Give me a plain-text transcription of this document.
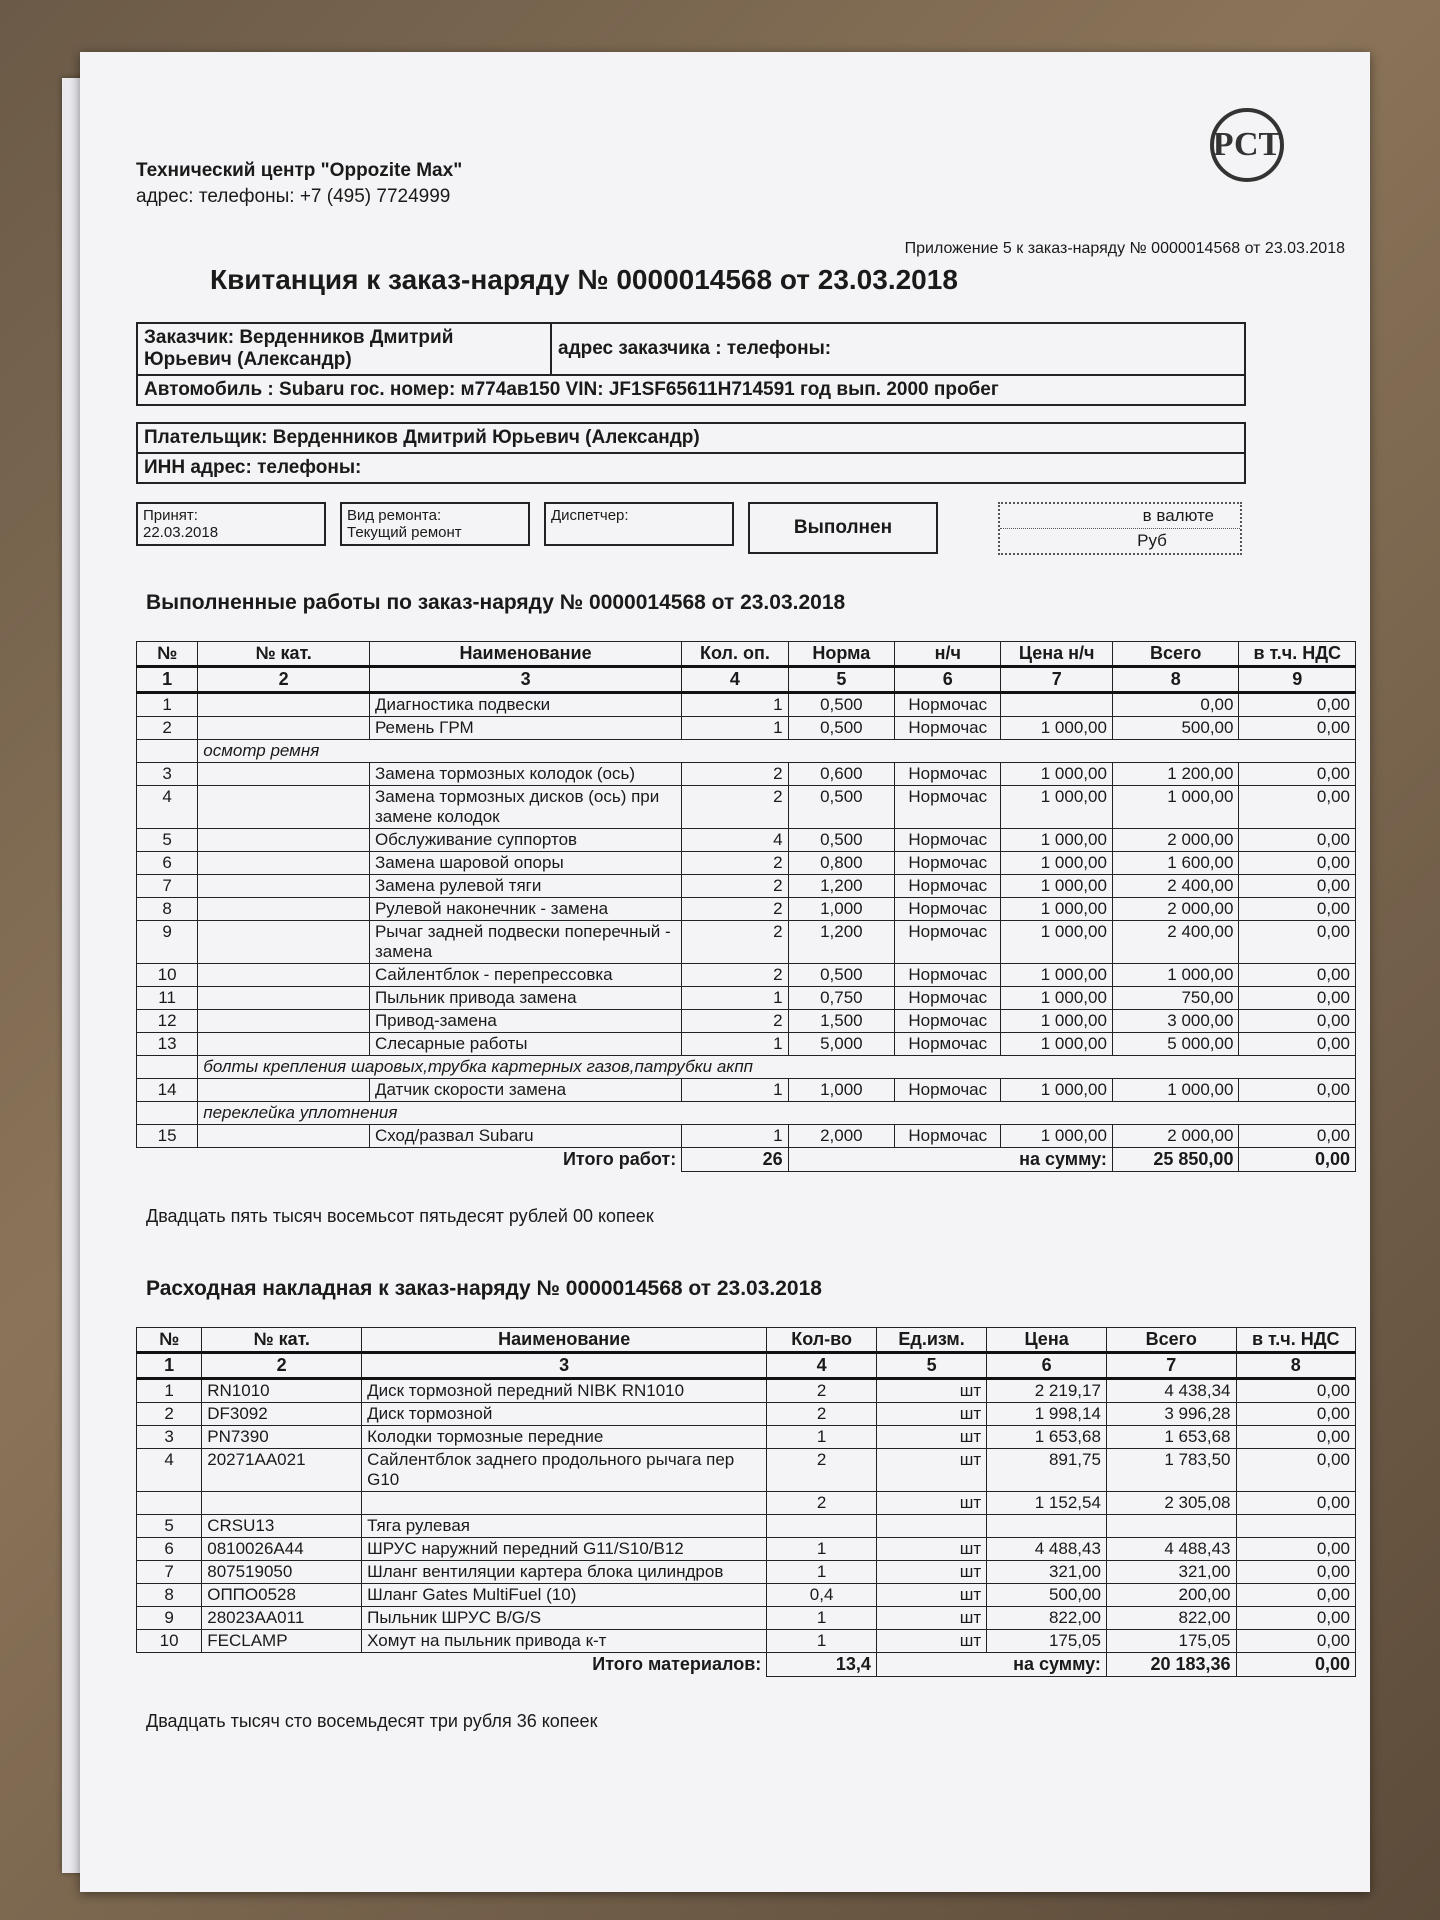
РСТ
Технический центр "Oppozite Max"
адрес: телефоны: +7 (495) 7724999
Приложение 5 к заказ-наряду № 0000014568 от 23.03.2018
Квитанция к заказ-наряду № 0000014568 от 23.03.2018
Заказчик: Верденников Дмитрий Юрьевич (Александр)	адрес заказчика : телефоны:
Автомобиль : Subaru гос. номер: м774ав150 VIN: JF1SF65611H714591 год вып. 2000 пробег
Плательщик: Верденников Дмитрий Юрьевич (Александр)
ИНН адрес: телефоны:
Принят:
22.03.2018
Вид ремонта:
Текущий ремонт
Диспетчер:
Выполнен
в валюте
Руб
Выполненные работы по заказ-наряду № 0000014568 от 23.03.2018
№	№ кат.	Наименование	Кол. оп.	Норма	н/ч	Цена н/ч	Всего	в т.ч. НДС
1	2	3	4	5	6	7	8	9
1		Диагностика подвески	1	0,500	Нормочас		0,00	0,00
2		Ремень ГРМ	1	0,500	Нормочас	1 000,00	500,00	0,00
	осмотр ремня							
3		Замена тормозных колодок (ось)	2	0,600	Нормочас	1 000,00	1 200,00	0,00
4		Замена тормозных дисков (ось) при замене колодок	2	0,500	Нормочас	1 000,00	1 000,00	0,00
5		Обслуживание суппортов	4	0,500	Нормочас	1 000,00	2 000,00	0,00
6		Замена шаровой опоры	2	0,800	Нормочас	1 000,00	1 600,00	0,00
7		Замена рулевой тяги	2	1,200	Нормочас	1 000,00	2 400,00	0,00
8		Рулевой наконечник - замена	2	1,000	Нормочас	1 000,00	2 000,00	0,00
9		Рычаг задней подвески поперечный - замена	2	1,200	Нормочас	1 000,00	2 400,00	0,00
10		Сайлентблок - перепрессовка	2	0,500	Нормочас	1 000,00	1 000,00	0,00
11		Пыльник привода замена	1	0,750	Нормочас	1 000,00	750,00	0,00
12		Привод-замена	2	1,500	Нормочас	1 000,00	3 000,00	0,00
13		Слесарные работы	1	5,000	Нормочас	1 000,00	5 000,00	0,00
	болты крепления шаровых,трубка картерных газов,патрубки акпп							
14		Датчик скорости замена	1	1,000	Нормочас	1 000,00	1 000,00	0,00
	переклейка уплотнения							
15		Сход/развал Subaru	1	2,000	Нормочас	1 000,00	2 000,00	0,00
Итого работ:			26	на сумму:			25 850,00	0,00
Двадцать пять тысяч восемьсот пятьдесят рублей 00 копеек
Расходная накладная к заказ-наряду № 0000014568 от 23.03.2018
№	№ кат.	Наименование	Кол-во	Ед.изм.	Цена	Всего	в т.ч. НДС
1	2	3	4	5	6	7	8
1	RN1010	Диск тормозной передний NIBK RN1010	2	шт	2 219,17	4 438,34	0,00
2	DF3092	Диск тормозной	2	шт	1 998,14	3 996,28	0,00
3	PN7390	Колодки тормозные передние	1	шт	1 653,68	1 653,68	0,00
4	20271AA021	Сайлентблок заднего продольного рычага пер G10	2	шт	891,75	1 783,50	0,00
			2	шт	1 152,54	2 305,08	0,00
5	CRSU13	Тяга рулевая					
6	0810026A44	ШРУС наружний передний G11/S10/B12	1	шт	4 488,43	4 488,43	0,00
7	807519050	Шланг вентиляции картера блока цилиндров	1	шт	321,00	321,00	0,00
8	ОППО0528	Шланг Gates MultiFuel (10)	0,4	шт	500,00	200,00	0,00
9	28023AA011	Пыльник ШРУС B/G/S	1	шт	822,00	822,00	0,00
10	FECLAMP	Хомут на пыльник привода к-т	1	шт	175,05	175,05	0,00
Итого материалов:			13,4	на сумму:		20 183,36	0,00
Двадцать тысяч сто восемьдесят три рубля 36 копеек
